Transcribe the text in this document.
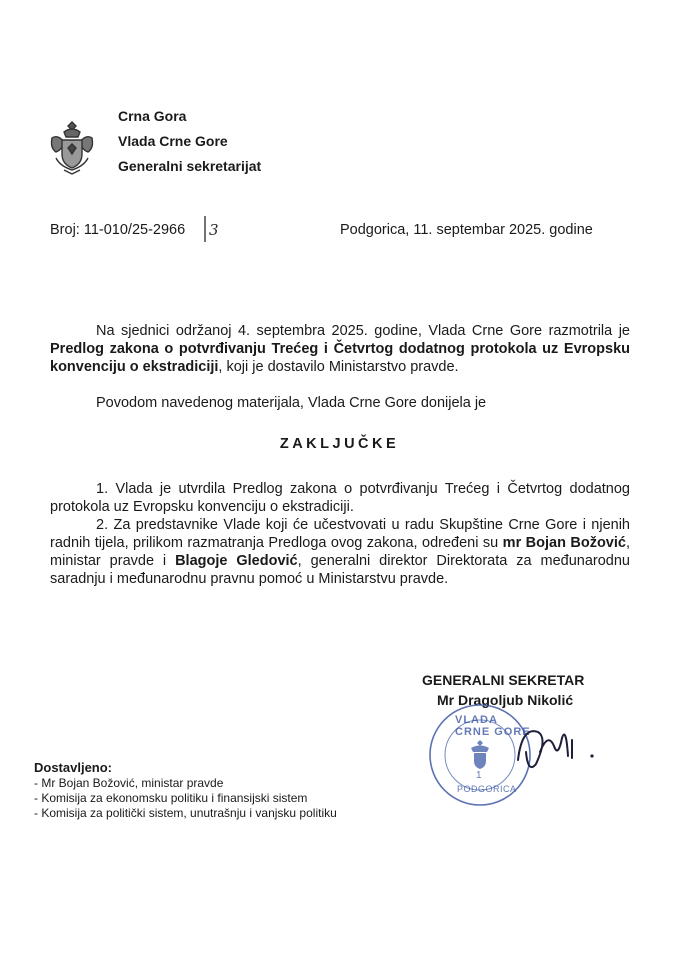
Crna Gora
Vlada Crne Gore
Generalni sekretarijat
Broj: 11-010/25-2966 3	Podgorica, 11. septembar 2025. godine
Na sjednici održanoj 4. septembra 2025. godine, Vlada Crne Gore razmotrila je Predlog zakona o potvrđivanju Trećeg i Četvrtog dodatnog protokola uz Evropsku konvenciju o ekstradiciji, koji je dostavilo Ministarstvo pravde.
Povodom navedenog materijala, Vlada Crne Gore donijela je
ZAKLJUČKE
1. Vlada je utvrdila Predlog zakona o potvrđivanju Trećeg i Četvrtog dodatnog protokola uz Evropsku konvenciju o ekstradiciji.
2. Za predstavnike Vlade koji će učestvovati u radu Skupštine Crne Gore i njenih radnih tijela, prilikom razmatranja Predloga ovog zakona, određeni su mr Bojan Božović, ministar pravde i Blagoje Gledović, generalni direktor Direktorata za međunarodnu saradnju i međunarodnu pravnu pomoć u Ministarstvu pravde.
GENERALNI SEKRETAR
Mr Dragoljub Nikolić
VLADA CRNE GORE
1
PODGORICA
Dostavljeno:
- Mr Bojan Božović, ministar pravde
- Komisija za ekonomsku politiku i finansijski sistem
- Komisija za politički sistem, unutrašnju i vanjsku politiku
